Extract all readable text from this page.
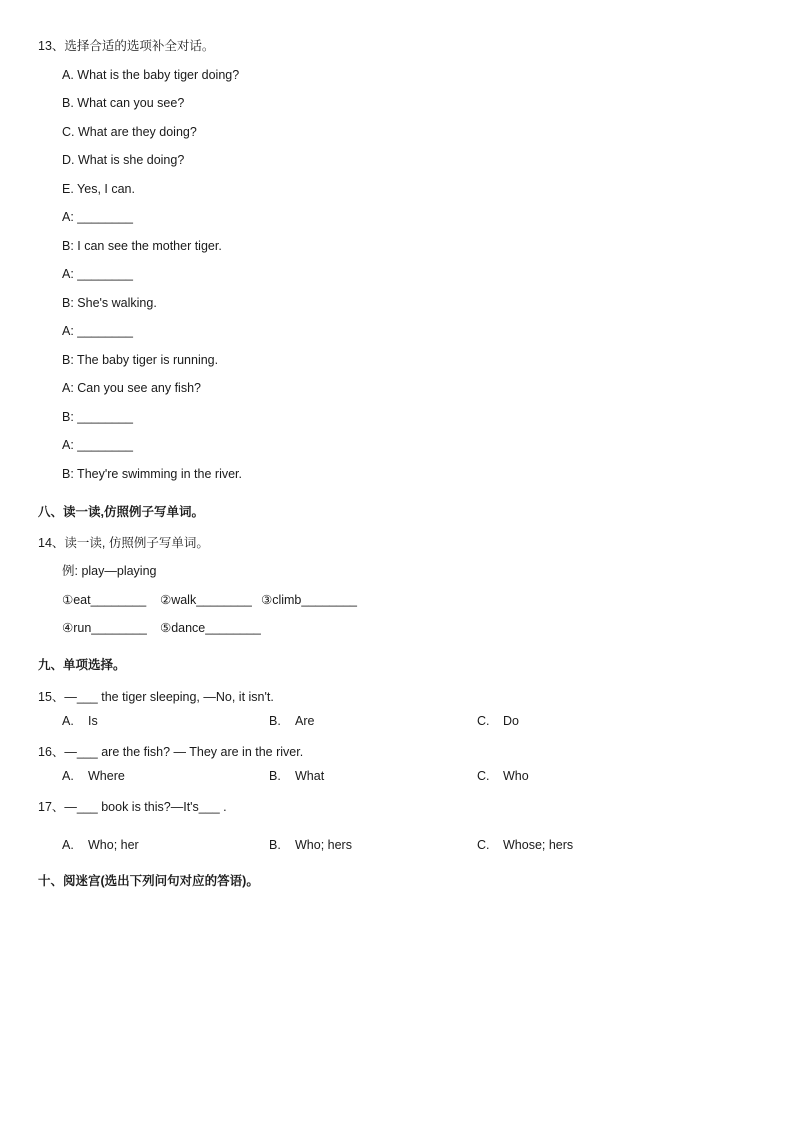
13、选择合适的选项补全对话。
A. What is the baby tiger doing?
B. What can you see?
C. What are they doing?
D. What is she doing?
E. Yes, I can.
A: ________
B: I can see the mother tiger.
A: ________
B: She's walking.
A: ________
B: The baby tiger is running.
A: Can you see any fish?
B: ________
A: ________
B: They're swimming in the river.
八、读一读,仿照例子写单词。
14、读一读, 仿照例子写单词。
例: play—playing
①eat________ ②walk________ ③climb________
④run________ ⑤dance________
九、单项选择。
15、—___ the tiger sleeping, —No, it isn't.
A. Is	B. Are	C. Do
16、—___ are the fish? — They are in the river.
A. Where	B. What	C. Who
17、—___ book is this?—It's___ .
A. Who; her	B. Who; hers	C. Whose; hers
十、阅迷宫(选出下列问句对应的答语)。
